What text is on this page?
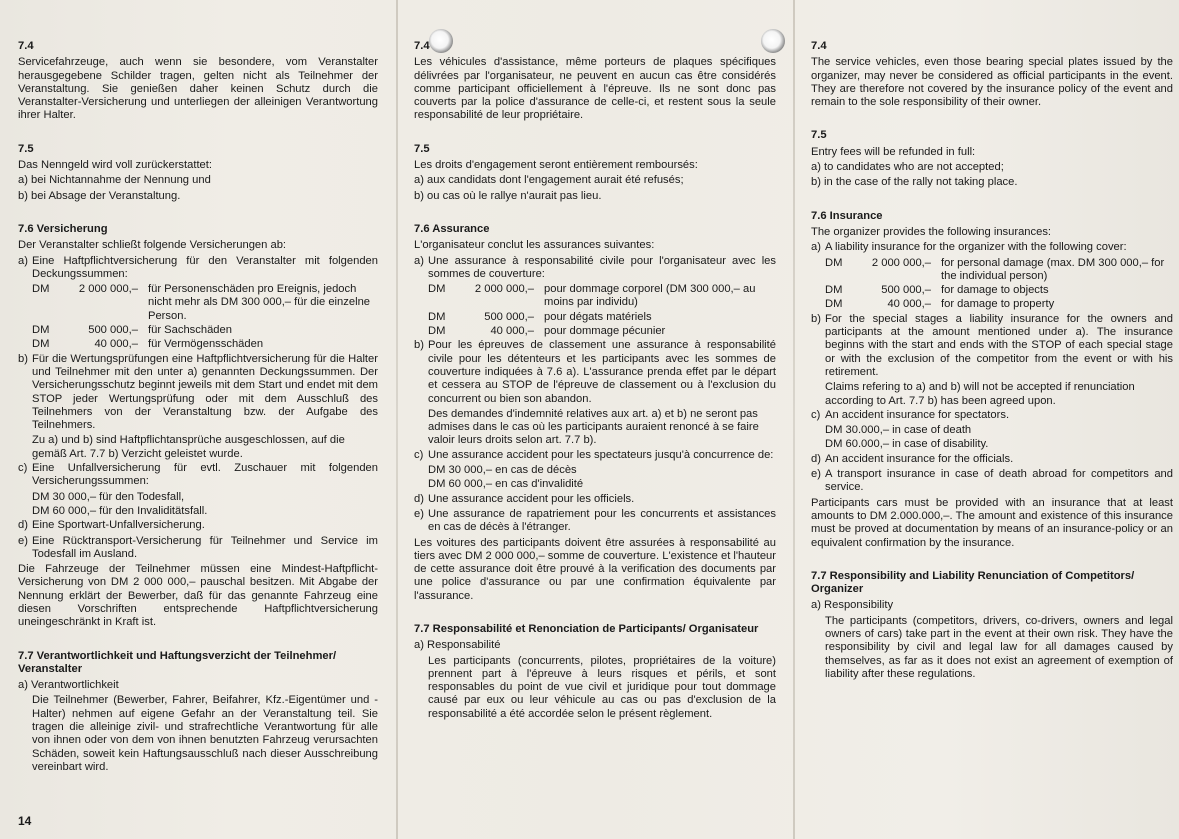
7.4
Servicefahrzeuge, auch wenn sie besondere, vom Veranstalter herausgegebene Schilder tragen, gelten nicht als Teilnehmer der Veranstaltung. Sie genießen daher keinen Schutz durch die Veranstalter-Versicherung und unterliegen der alleinigen Verantwortung ihrer Halter.
7.5
Das Nenngeld wird voll zurückerstattet:
a) bei Nichtannahme der Nennung und
b) bei Absage der Veranstaltung.
7.6 Versicherung
Der Veranstalter schließt folgende Versicherungen ab:
a) Eine Haftpflichtversicherung für den Veranstalter mit folgenden Deckungssummen:
DM	2 000 000,– für Personenschäden pro Ereignis, jedoch nicht mehr als DM 300 000,– für die einzelne Person.
DM	500 000,– für Sachschäden
DM	40 000,– für Vermögensschäden
b) Für die Wertungsprüfungen eine Haftpflichtversicherung für die Halter und Teilnehmer mit den unter a) genannten Deckungssummen. Der Versicherungsschutz beginnt jeweils mit dem Start und endet mit dem STOP jeder Wertungsprüfung oder mit dem Ausschluß des Teilnehmers von der Veranstaltung bzw. der Aufgabe des Teilnehmers.
Zu a) und b) sind Haftpflichtansprüche ausgeschlossen, auf die gemäß Art. 7.7 b) Verzicht geleistet wurde.
c) Eine Unfallversicherung für evtl. Zuschauer mit folgenden Versicherungssummen:
DM 30 000,– für den Todesfall,
DM 60 000,– für den Invaliditätsfall.
d) Eine Sportwart-Unfallversicherung.
e) Eine Rücktransport-Versicherung für Teilnehmer und Service im Todesfall im Ausland.
Die Fahrzeuge der Teilnehmer müssen eine Mindest-Haftpflicht-Versicherung von DM 2 000 000,– pauschal besitzen. Mit Abgabe der Nennung erklärt der Bewerber, daß für das genannte Fahrzeug eine diesen Vorschriften entsprechende Haftpflichtversicherung uneingeschränkt in Kraft ist.
7.7 Verantwortlichkeit und Haftungsverzicht der Teilnehmer/ Veranstalter
a) Verantwortlichkeit
Die Teilnehmer (Bewerber, Fahrer, Beifahrer, Kfz.-Eigentümer und -Halter) nehmen auf eigene Gefahr an der Veranstaltung teil. Sie tragen die alleinige zivil- und strafrechtliche Verantwortung für alle von ihnen oder von dem von ihnen benutzten Fahrzeug verursachten Schäden, soweit kein Haftungsausschluß nach dieser Ausschreibung vereinbart wird.
7.4
Les véhicules d'assistance, même porteurs de plaques spécifiques délivrées par l'organisateur, ne peuvent en aucun cas être considérés comme participant officiellement à l'épreuve. Ils ne sont donc pas couverts par la police d'assurance de celle-ci, et restent sous la seule responsabilité de leur propriétaire.
7.5
Les droits d'engagement seront entièrement remboursés:
a) aux candidats dont l'engagement aurait été refusés;
b) ou cas où le rallye n'aurait pas lieu.
7.6 Assurance
L'organisateur conclut les assurances suivantes:
a) Une assurance à responsabilité civile pour l'organisateur avec les sommes de couverture:
DM	2 000 000,– pour dommage corporel (DM 300 000,– au moins par individu)
DM	500 000,– pour dégats matériels
DM	40 000,– pour dommage pécunier
b) Pour les épreuves de classement une assurance à responsabilité civile pour les détenteurs et les participants avec les sommes de couverture indiquées à 7.6 a). L'assurance prenda effet par le départ et cessera au STOP de l'épreuve de classement ou à l'exclusion du concurrent ou bien son abandon.
Des demandes d'indemnité relatives aux art. a) et b) ne seront pas admises dans le cas où les participants auraient renoncé à se faire valoir leurs droits selon art. 7.7 b).
c) Une assurance accident pour les spectateurs jusqu'à concurrence de:
DM 30 000,– en cas de décès
DM 60 000,– en cas d'invalidité
d) Une assurance accident pour les officiels.
e) Une assurance de rapatriement pour les concurrents et assistances en cas de décès à l'étranger.
Les voitures des participants doivent être assurées à responsabilité au tiers avec DM 2 000 000,– somme de couverture. L'existence et l'hauteur de cette assurance doit être prouvé à la verification des documents par une police d'assurance ou par une confirmation équivalente par l'assurance.
7.7 Responsabilité et Renonciation de Participants/ Organisateur
a) Responsabilité
Les participants (concurrents, pilotes, propriétaires de la voiture) prennent part à l'épreuve à leurs risques et périls, et sont responsables du point de vue civil et juridique pour tout dommage causé par eux ou leur véhicule au cas ou pas d'exclusion de la responsabilité a été accordée selon le présent règlement.
7.4
The service vehicles, even those bearing special plates issued by the organizer, may never be considered as official participants in the event. They are therefore not covered by the insurance policy of the event and remain to the sole responsibility of their owner.
7.5
Entry fees will be refunded in full:
a) to candidates who are not accepted;
b) in the case of the rally not taking place.
7.6 Insurance
The organizer provides the following insurances:
a) A liability insurance for the organizer with the following cover:
DM	2 000 000,– for personal damage (max. DM 300 000,– for the individual person)
DM	500 000,– for damage to objects
DM	40 000,– for damage to property
b) For the special stages a liability insurance for the owners and participants at the amount mentioned under a). The insurance beginns with the start and ends with the STOP of each special stage or with the exclusion of the competitor from the event or with his retirement.
Claims refering to a) and b) will not be accepted if renunciation according to Art. 7.7 b) has been agreed upon.
c) An accident insurance for spectators.
DM 30.000,– in case of death
DM 60.000,– in case of disability.
d) An accident insurance for the officials.
e) A transport insurance in case of death abroad for competitors and service.
Participants cars must be provided with an insurance that at least amounts to DM 2.000.000,–. The amount and existence of this insurance must be proved at documentation by means of an insurance-policy or an equivalent confirmation by the insurance.
7.7 Responsibility and Liability Renunciation of Competitors/ Organizer
a) Responsibility
The participants (competitors, drivers, co-drivers, owners and legal owners of cars) take part in the event at their own risk. They have the responsibility by civil and legal law for all damages caused by themselves, as far as it does not exist an agreement of exemption of liability after these regulations.
14
